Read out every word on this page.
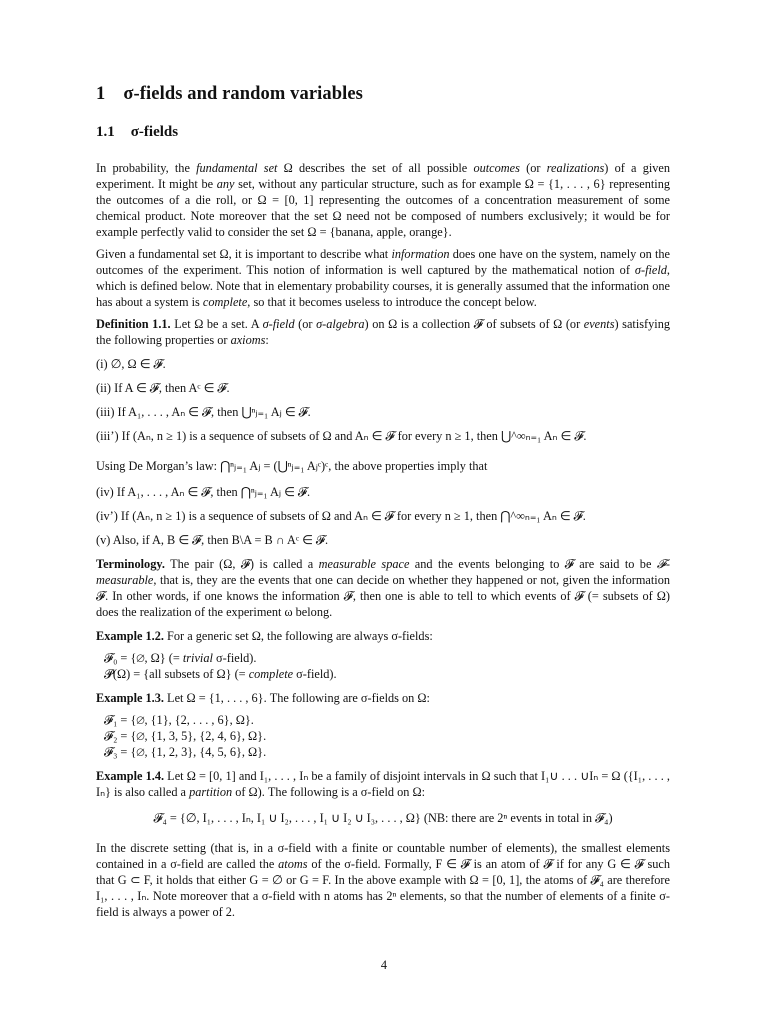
1 σ-fields and random variables
1.1 σ-fields

In probability, the fundamental set Ω describes the set of all possible outcomes (or realizations) of a given experiment. It might be any set, without any particular structure, such as for example Ω = {1, . . . , 6} representing the outcomes of a die roll, or Ω = [0, 1] representing the outcomes of a concentration measurement of some chemical product. Note moreover that the set Ω need not be composed of numbers exclusively; it would be for example perfectly valid to consider the set Ω = {banana, apple, orange}.

Given a fundamental set Ω, it is important to describe what information does one have on the system, namely on the outcomes of the experiment. This notion of information is well captured by the mathematical notion of σ-field, which is defined below. Note that in elementary probability courses, it is generally assumed that the information one has about a system is complete, so that it becomes useless to introduce the concept below.

Definition 1.1. Let Ω be a set. A σ-field (or σ-algebra) on Ω is a collection 𝓕 of subsets of Ω (or events) satisfying the following properties or axioms:

(i) ∅, Ω ∈ 𝓕.

(ii) If A ∈ 𝓕, then Aᶜ ∈ 𝓕.

(iii) If A₁, . . . , Aₙ ∈ 𝓕, then ⋃ⁿⱼ₌₁ Aⱼ ∈ 𝓕.

(iii’) If (Aₙ, n ≥ 1) is a sequence of subsets of Ω and Aₙ ∈ 𝓕 for every n ≥ 1, then ⋃^∞ₙ₌₁ Aₙ ∈ 𝓕.

Using De Morgan’s law: ⋂ⁿⱼ₌₁ Aⱼ = (⋃ⁿⱼ₌₁ Aⱼᶜ)ᶜ, the above properties imply that

(iv) If A₁, . . . , Aₙ ∈ 𝓕, then ⋂ⁿⱼ₌₁ Aⱼ ∈ 𝓕.

(iv’) If (Aₙ, n ≥ 1) is a sequence of subsets of Ω and Aₙ ∈ 𝓕 for every n ≥ 1, then ⋂^∞ₙ₌₁ Aₙ ∈ 𝓕.

(v) Also, if A, B ∈ 𝓕, then B\A = B ∩ Aᶜ ∈ 𝓕.

Terminology. The pair (Ω, 𝓕) is called a measurable space and the events belonging to 𝓕 are said to be 𝓕-measurable, that is, they are the events that one can decide on whether they happened or not, given the information 𝓕. In other words, if one knows the information 𝓕, then one is able to tell to which events of 𝓕 (= subsets of Ω) does the realization of the experiment ω belong.

Example 1.2. For a generic set Ω, the following are always σ-fields:

𝓕₀ = {∅, Ω} (= trivial σ-field).

𝓟(Ω) = {all subsets of Ω} (= complete σ-field).

Example 1.3. Let Ω = {1, . . . , 6}. The following are σ-fields on Ω:

𝓕₁ = {∅, {1}, {2, . . . , 6}, Ω}.

𝓕₂ = {∅, {1, 3, 5}, {2, 4, 6}, Ω}.

𝓕₃ = {∅, {1, 2, 3}, {4, 5, 6}, Ω}.

Example 1.4. Let Ω = [0, 1] and I₁, . . . , Iₙ be a family of disjoint intervals in Ω such that I₁∪ . . . ∪Iₙ = Ω ({I₁, . . . , Iₙ} is also called a partition of Ω). The following is a σ-field on Ω:

𝓕₄ = {∅, I₁, . . . , Iₙ, I₁ ∪ I₂, . . . , I₁ ∪ I₂ ∪ I₃, . . . , Ω} (NB: there are 2ⁿ events in total in 𝓕₄)

In the discrete setting (that is, in a σ-field with a finite or countable number of elements), the smallest elements contained in a σ-field are called the atoms of the σ-field. Formally, F ∈ 𝓕 is an atom of 𝓕 if for any G ∈ 𝓕 such that G ⊂ F, it holds that either G = ∅ or G = F. In the above example with Ω = [0, 1], the atoms of 𝓕₄ are therefore I₁, . . . , Iₙ. Note moreover that a σ-field with n atoms has 2ⁿ elements, so that the number of elements of a finite σ-field is always a power of 2.

4
